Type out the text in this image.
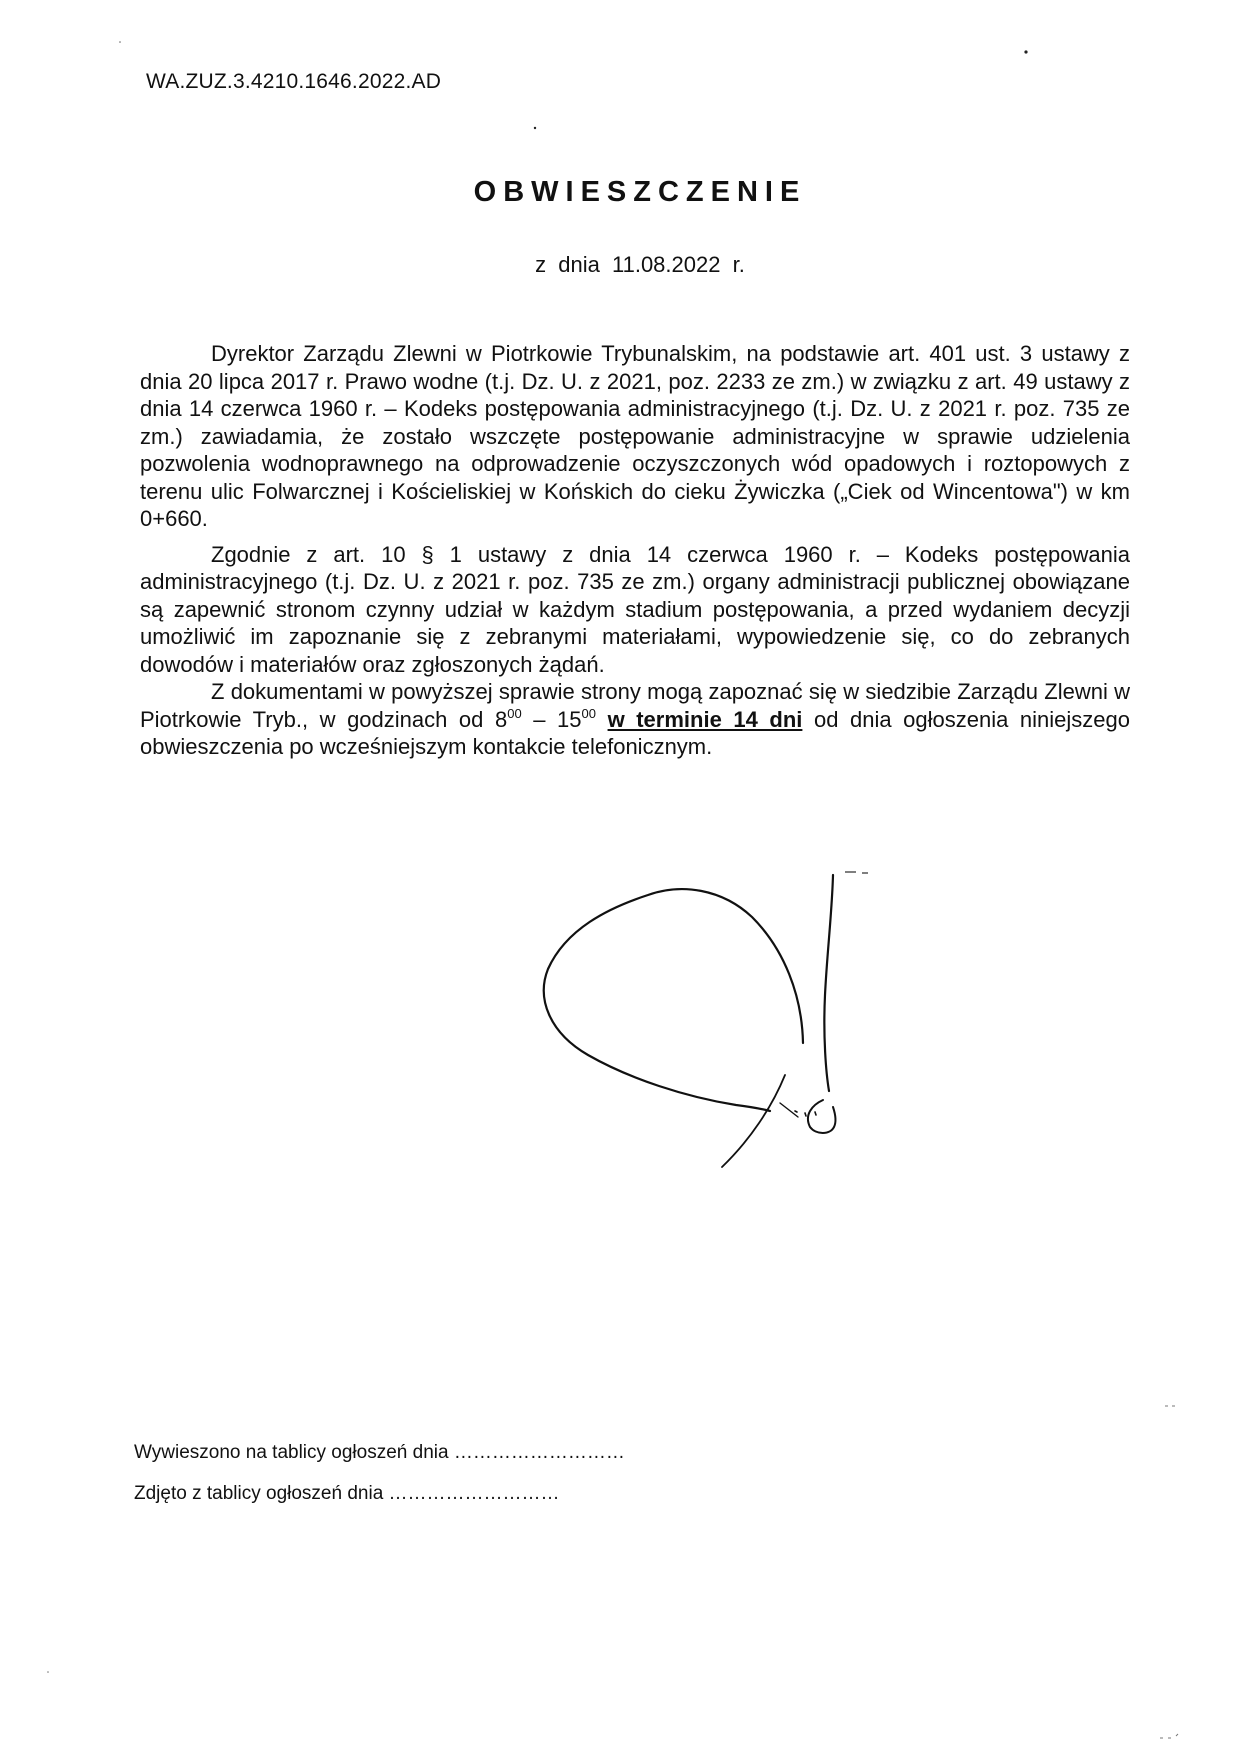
WA.ZUZ.3.4210.1646.2022.AD
OBWIESZCZENIE
z dnia 11.08.2022 r.

Dyrektor Zarządu Zlewni w Piotrkowie Trybunalskim, na podstawie art. 401 ust. 3 ustawy z dnia 20 lipca 2017 r. Prawo wodne (t.j. Dz. U. z 2021, poz. 2233 ze zm.) w związku z art. 49 ustawy z dnia 14 czerwca 1960 r. – Kodeks postępowania administracyjnego (t.j. Dz. U. z 2021 r. poz. 735 ze zm.) zawiadamia, że zostało wszczęte postępowanie administracyjne w sprawie udzielenia pozwolenia wodnoprawnego na odprowadzenie oczyszczonych wód opadowych i roztopowych z terenu ulic Folwarcznej i Kościeliskiej w Końskich do cieku Żywiczka („Ciek od Wincentowa") w km 0+660.

Zgodnie z art. 10 § 1 ustawy z dnia 14 czerwca 1960 r. – Kodeks postępowania administracyjnego (t.j. Dz. U. z 2021 r. poz. 735 ze zm.) organy administracji publicznej obowiązane są zapewnić stronom czynny udział w każdym stadium postępowania, a przed wydaniem decyzji umożliwić im zapoznanie się z zebranymi materiałami, wypowiedzenie się, co do zebranych dowodów i materiałów oraz zgłoszonych żądań.

Z dokumentami w powyższej sprawie strony mogą zapoznać się w siedzibie Zarządu Zlewni w Piotrkowie Tryb., w godzinach od $8^{00} - 15^{00}$ w terminie 14 dni od dnia ogłoszenia niniejszego obwieszczenia po wcześniejszym kontakcie telefonicznym.

Wywieszono na tablicy ogłoszeń dnia ………………………
Zdjęto z tablicy ogłoszeń dnia ………………………
